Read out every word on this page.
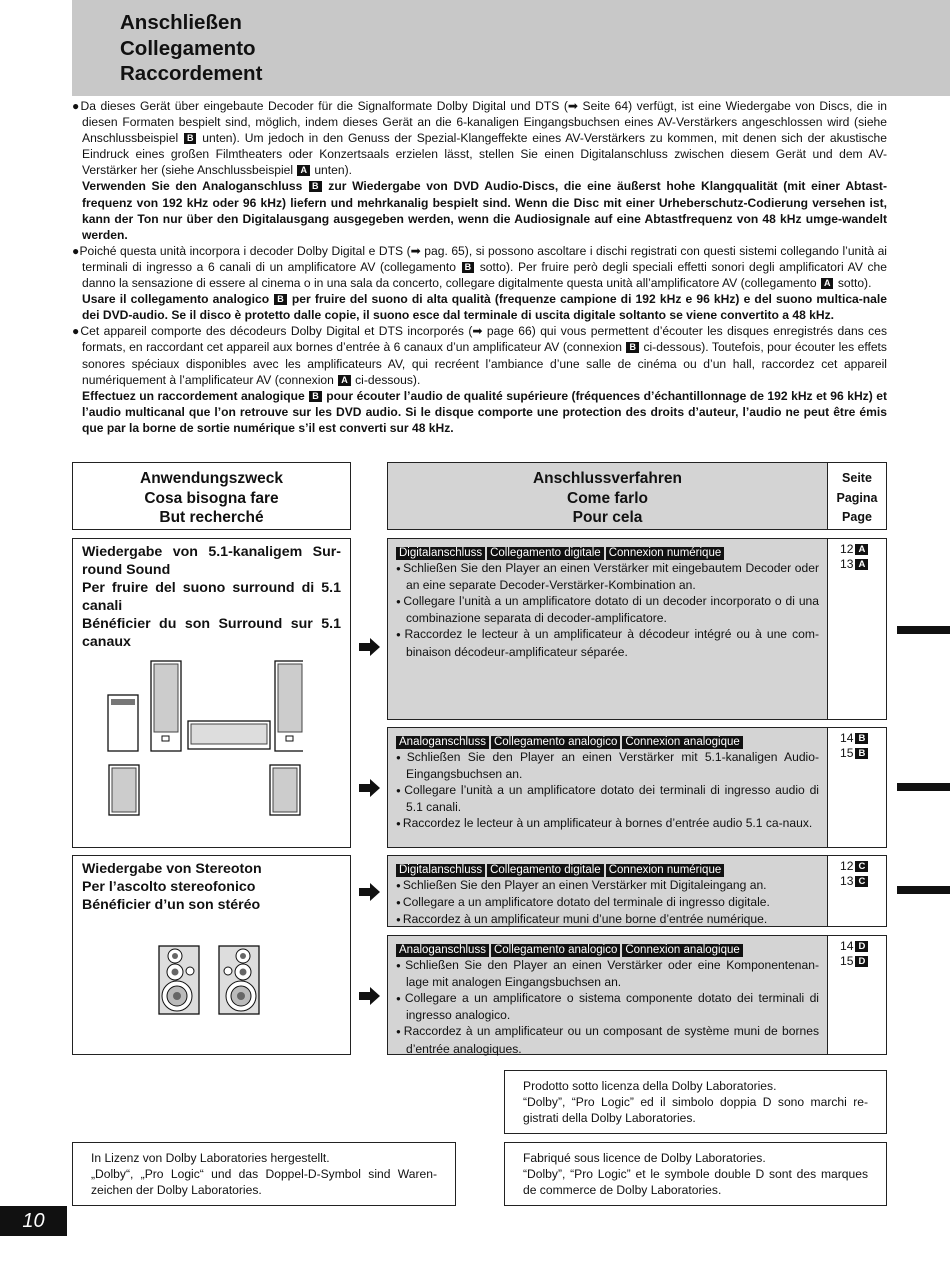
Anschließen
Collegamento
Raccordement

●Da dieses Gerät über eingebaute Decoder für die Signalformate Dolby Digital und DTS (➡ Seite 64) verfügt, ist eine Wiedergabe von Discs, die in diesen Formaten bespielt sind, möglich, indem dieses Gerät an die 6-kanaligen Eingangsbuchsen eines AV-Verstärkers angeschlossen wird (siehe Anschlussbeispiel B unten). Um jedoch in den Genuss der Spezial-Klangeffekte eines AV-Verstärkers zu kommen, mit denen sich der akustische Eindruck eines großen Filmtheaters oder Konzertsaals erzielen lässt, stellen Sie einen Digitalanschluss zwischen diesem Gerät und dem AV-Verstärker her (siehe Anschlussbeispiel A unten).

Verwenden Sie den Analoganschluss B zur Wiedergabe von DVD Audio-Discs, die eine äußerst hohe Klangqualität (mit einer Abtast-frequenz von 192 kHz oder 96 kHz) liefern und mehrkanalig bespielt sind. Wenn die Disc mit einer Urheberschutz-Codierung versehen ist, kann der Ton nur über den Digitalausgang ausgegeben werden, wenn die Audiosignale auf eine Abtastfrequenz von 48 kHz umge-wandelt werden.

●Poiché questa unità incorpora i decoder Dolby Digital e DTS (➡ pag. 65), si possono ascoltare i dischi registrati con questi sistemi collegando l’unità ai terminali di ingresso a 6 canali di un amplificatore AV (collegamento B sotto). Per fruire però degli speciali effetti sonori degli amplificatori AV che danno la sensazione di essere al cinema o in una sala da concerto, collegare digitalmente questa unità all’amplificatore AV (collegamento A sotto).

Usare il collegamento analogico B per fruire del suono di alta qualità (frequenze campione di 192 kHz e 96 kHz) e del suono multica-nale dei DVD-audio. Se il disco è protetto dalle copie, il suono esce dal terminale di uscita digitale soltanto se viene convertito a 48 kHz.

●Cet appareil comporte des décodeurs Dolby Digital et DTS incorporés (➡ page 66) qui vous permettent d’écouter les disques enregistrés dans ces formats, en raccordant cet appareil aux bornes d’entrée à 6 canaux d’un amplificateur AV (connexion B ci-dessous). Toutefois, pour écouter les effets sonores spéciaux disponibles avec les amplificateurs AV, qui recréent l’ambiance d’une salle de cinéma ou d’un hall, raccordez cet appareil numériquement à l’amplificateur AV (connexion A ci-dessous).

Effectuez un raccordement analogique B pour écouter l’audio de qualité supérieure (fréquences d’échantillonnage de 192 kHz et 96 kHz) et l’audio multicanal que l’on retrouve sur les DVD audio. Si le disque comporte une protection des droits d’auteur, l’audio ne peut être émis que par la borne de sortie numérique s’il est converti sur 48 kHz.

Anwendungszweck
Cosa bisogna fare
But recherché
Anschlussverfahren
Come farlo
Pour cela
Seite
Pagina
Page
Wiedergabe von 5.1-kanaligem Sur-round Sound
Per fruire del suono surround di 5.1 canali
Bénéficier du son Surround sur 5.1 canaux
Digitalanschluss Collegamento digitale Connexion numérique
● Schließen Sie den Player an einen Verstärker mit eingebautem Decoder oder an eine separate Decoder-Verstärker-Kombination an.
● Collegare l’unità a un amplificatore dotato di un decoder incorporato o di una combinazione separata di decoder-amplificatore.
● Raccordez le lecteur à un amplificateur à décodeur intégré ou à une com-binaison décodeur-amplificateur séparée.
12 A
13 A
Analoganschluss Collegamento analogico Connexion analogique
● Schließen Sie den Player an einen Verstärker mit 5.1-kanaligen Audio-Eingangsbuchsen an.
● Collegare l’unità a un amplificatore dotato dei terminali di ingresso audio di 5.1 canali.
● Raccordez le lecteur à un amplificateur à bornes d’entrée audio 5.1 ca-naux.
14 B
15 B
Wiedergabe von Stereoton
Per l’ascolto stereofonico
Bénéficier d’un son stéréo
Digitalanschluss Collegamento digitale Connexion numérique
● Schließen Sie den Player an einen Verstärker mit Digitaleingang an.
● Collegare a un amplificatore dotato del terminale di ingresso digitale.
● Raccordez à un amplificateur muni d’une borne d’entrée numérique.
12 C
13 C
Analoganschluss Collegamento analogico Connexion analogique
● Schließen Sie den Player an einen Verstärker oder eine Komponentenan-lage mit analogen Eingangsbuchsen an.
● Collegare a un amplificatore o sistema componente dotato dei terminali di ingresso analogico.
● Raccordez à un amplificateur ou un composant de système muni de bornes d’entrée analogiques.
14 D
15 D
Prodotto sotto licenza della Dolby Laboratories.
“Dolby”, “Pro Logic” ed il simbolo doppia D sono marchi re-gistrati della Dolby Laboratories.
In Lizenz von Dolby Laboratories hergestellt.
„Dolby“, „Pro Logic“ und das Doppel-D-Symbol sind Waren-zeichen der Dolby Laboratories.
Fabriqué sous licence de Dolby Laboratories.
“Dolby”, “Pro Logic” et le symbole double D sont des marques de commerce de Dolby Laboratories.
10
